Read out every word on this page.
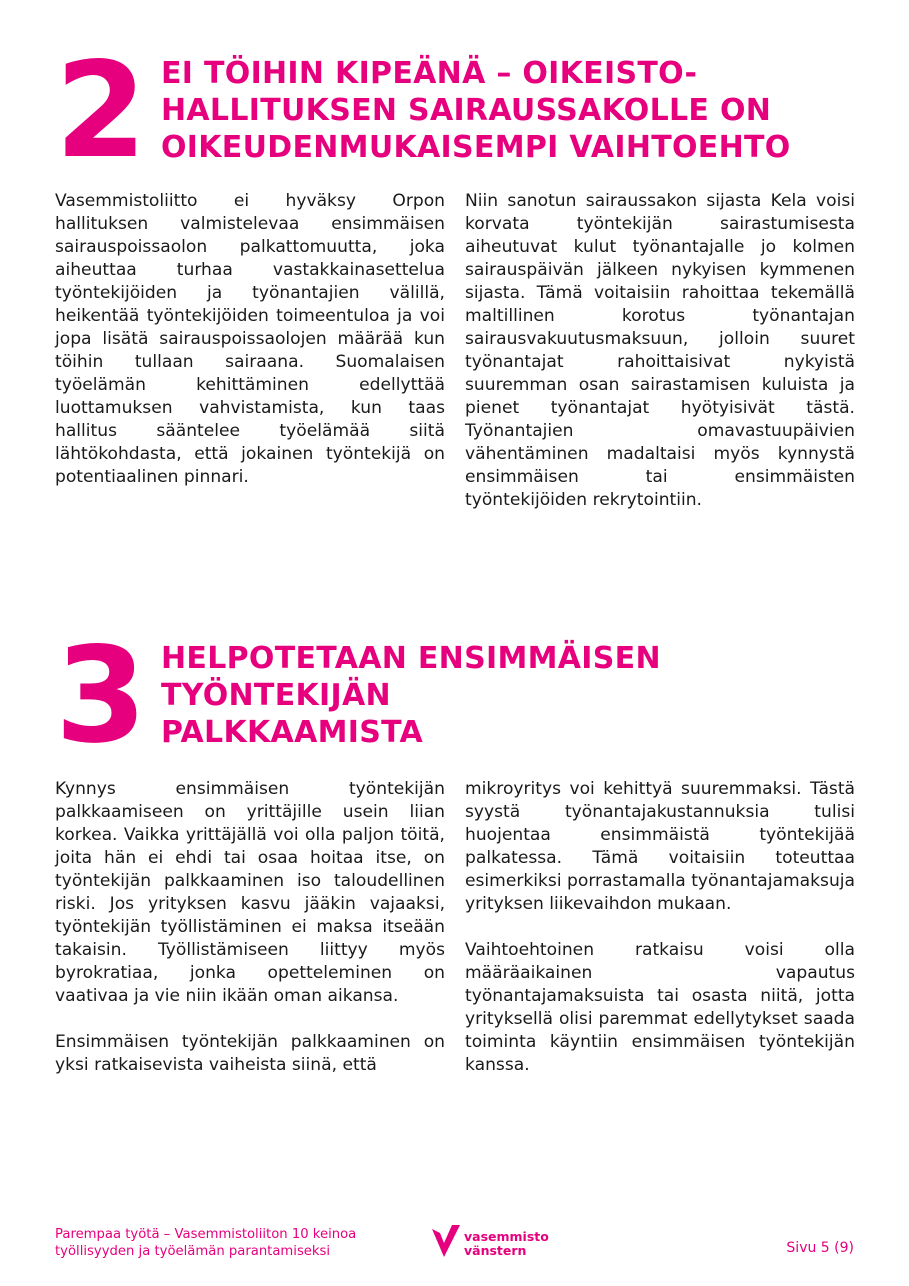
2 EI TÖIHIN KIPEÄNÄ – OIKEISTO-
HALLITUKSEN SAIRAUSSAKOLLE ON
OIKEUDENMUKAISEMPI VAIHTOEHTO

Vasemmistoliitto ei hyväksy Orpon hallituksen valmistelevaa ensimmäisen sairauspoissaolon palkattomuutta, joka aiheuttaa turhaa vastakkainasettelua työntekijöiden ja työnantajien välillä, heikentää työntekijöiden toimeentuloa ja voi jopa lisätä sairauspoissaolojen määrää kun töihin tullaan sairaana. Suomalaisen työelämän kehittäminen edellyttää luottamuksen vahvistamista, kun taas hallitus sääntelee työelämää siitä lähtökohdasta, että jokainen työntekijä on potentiaalinen pinnari.

Niin sanotun sairaussakon sijasta Kela voisi korvata työntekijän sairastumisesta aiheutuvat kulut työnantajalle jo kolmen sairauspäivän jälkeen nykyisen kymmenen sijasta. Tämä voitaisiin rahoittaa tekemällä maltillinen korotus työnantajan sairausvakuutusmaksuun, jolloin suuret työnantajat rahoittaisivat nykyistä suuremman osan sairastamisen kuluista ja pienet työnantajat hyötyisivät tästä. Työnantajien omavastuupäivien vähentäminen madaltaisi myös kynnystä ensimmäisen tai ensimmäisten työntekijöiden rekrytointiin.

3 HELPOTETAAN ENSIMMÄISEN
TYÖNTEKIJÄN
PALKKAAMISTA

Kynnys ensimmäisen työntekijän palkkaamiseen on yrittäjille usein liian korkea. Vaikka yrittäjällä voi olla paljon töitä, joita hän ei ehdi tai osaa hoitaa itse, on työntekijän palkkaaminen iso taloudellinen riski. Jos yrityksen kasvu jääkin vajaaksi, työntekijän työllistäminen ei maksa itseään takaisin. Työllistämiseen liittyy myös byrokratiaa, jonka opetteleminen on vaativaa ja vie niin ikään oman aikansa.

Ensimmäisen työntekijän palkkaaminen on yksi ratkaisevista vaiheista siinä, että

mikroyritys voi kehittyä suuremmaksi. Tästä syystä työnantajakustannuksia tulisi huojentaa ensimmäistä työntekijää palkatessa. Tämä voitaisiin toteuttaa esimerkiksi porrastamalla työnantajamaksuja yrityksen liikevaihdon mukaan.

Vaihtoehtoinen ratkaisu voisi olla määräaikainen vapautus työnantajamaksuista tai osasta niitä, jotta yrityksellä olisi paremmat edellytykset saada toiminta käyntiin ensimmäisen työntekijän kanssa.

Parempaa työtä – Vasemmistoliiton 10 keinoa
työllisyyden ja työelämän parantamiseksi
vasemmisto
vänstern	Sivu 5 (9)
